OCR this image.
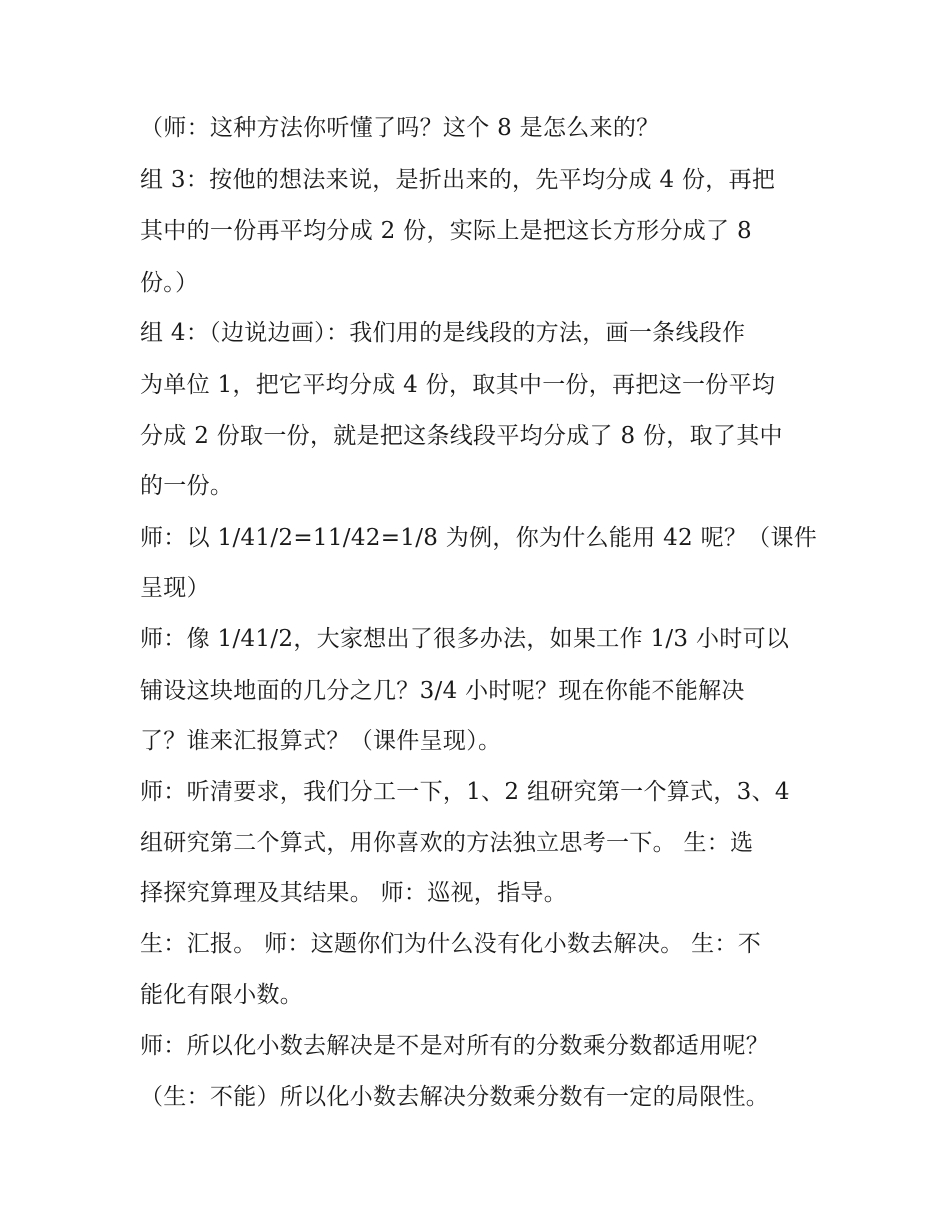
（师：这种方法你听懂了吗？这个 8 是怎么来的？
组 3：按他的想法来说，是折出来的，先平均分成 4 份，再把
其中的一份再平均分成 2 份，实际上是把这长方形分成了 8
份。）
组 4：（边说边画）：我们用的是线段的方法，画一条线段作
为单位 1，把它平均分成 4 份，取其中一份，再把这一份平均
分成 2 份取一份，就是把这条线段平均分成了 8 份，取了其中
的一份。
师：以 1/41/2=11/42=1/8 为例，你为什么能用 42 呢？（课件
呈现）
师：像 1/41/2，大家想出了很多办法，如果工作 1/3 小时可以
铺设这块地面的几分之几？3/4 小时呢？现在你能不能解决
了？谁来汇报算式？（课件呈现）。
师：听清要求，我们分工一下，1、2 组研究第一个算式，3、4
组研究第二个算式，用你喜欢的方法独立思考一下。 生：选
择探究算理及其结果。 师：巡视，指导。
生：汇报。 师：这题你们为什么没有化小数去解决。 生：不
能化有限小数。
师：所以化小数去解决是不是对所有的分数乘分数都适用呢？
（生：不能）所以化小数去解决分数乘分数有一定的局限性。
